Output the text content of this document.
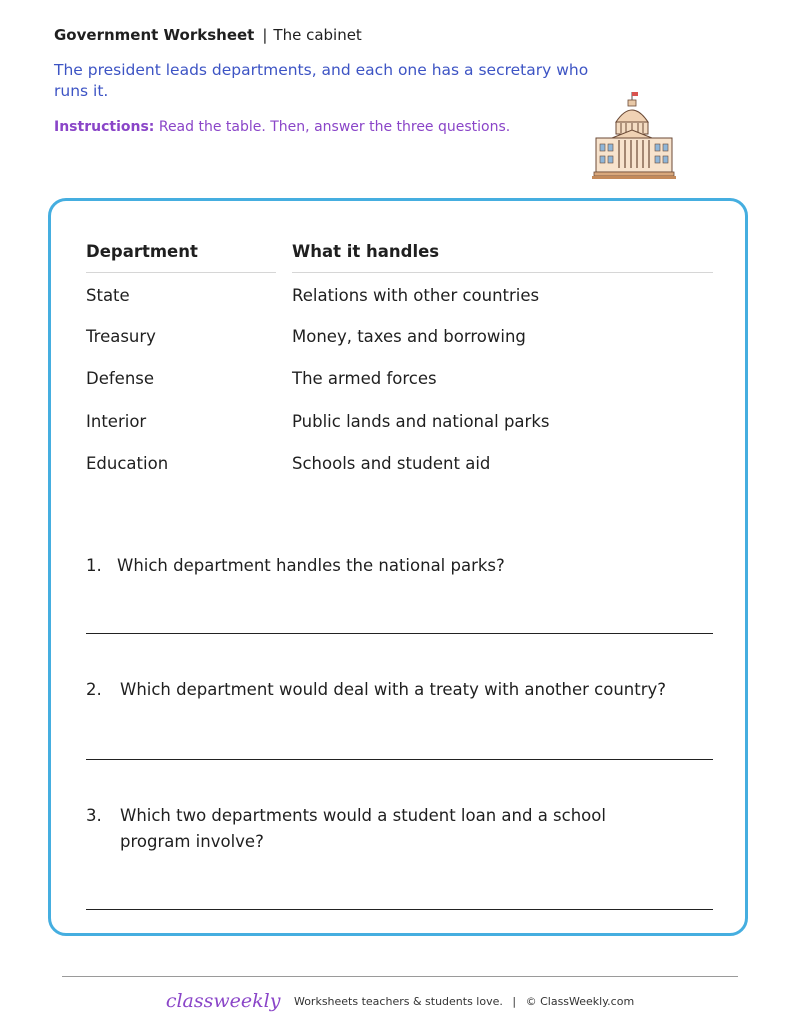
Government Worksheet | The cabinet
The president leads departments, and each one has a secretary who runs it.
Instructions: Read the table. Then, answer the three questions.
Department	What it handles
State	Relations with other countries
Treasury	Money, taxes and borrowing
Defense	The armed forces
Interior	Public lands and national parks
Education	Schools and student aid
1. Which department handles the national parks?
2.	Which department would deal with a treaty with another country?
3.	Which two departments would a student loan and a school program involve?
classweekly Worksheets teachers & students love. | © ClassWeekly.com
